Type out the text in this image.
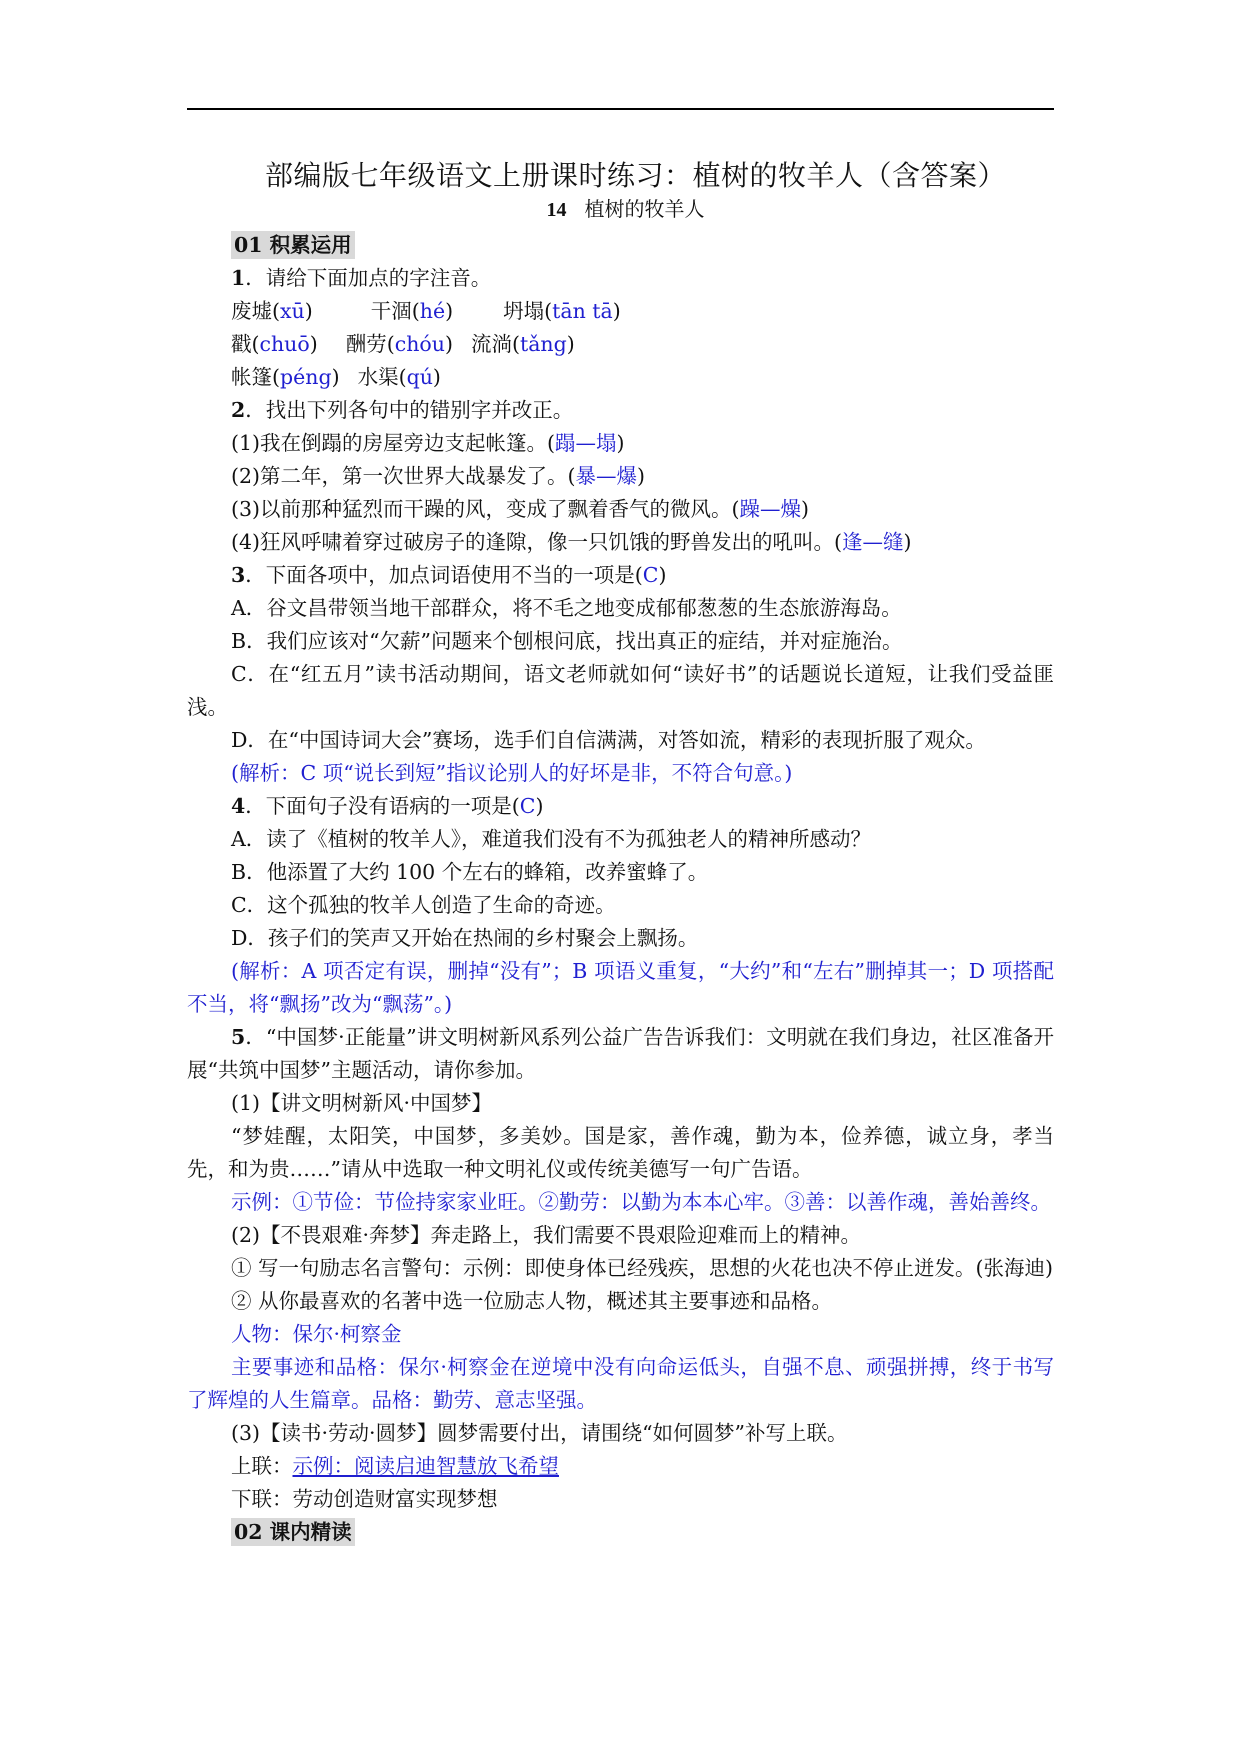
部编版七年级语文上册课时练习：植树的牧羊人（含答案）
14 植树的牧羊人
01 积累运用
1．请给下面加点的字注音。
废墟(xū)	干涸(hé) 坍塌(tān tā)
戳(chuō) 酬劳(chóu) 流淌(tǎng)
帐篷(péng) 水渠(qú)
2．找出下列各句中的错别字并改正。
(1)我在倒蹋的房屋旁边支起帐篷。(蹋—塌)
(2)第二年，第一次世界大战暴发了。(暴—爆)
(3)以前那种猛烈而干躁的风，变成了飘着香气的微风。(躁—燥)
(4)狂风呼啸着穿过破房子的逢隙，像一只饥饿的野兽发出的吼叫。(逢—缝)
3．下面各项中，加点词语使用不当的一项是(C)
A．谷文昌带领当地干部群众，将不毛之地变成郁郁葱葱的生态旅游海岛。
B．我们应该对“欠薪”问题来个刨根问底，找出真正的症结，并对症施治。
C．在“红五月”读书活动期间，语文老师就如何“读好书”的话题说长道短，让我们受益匪浅。
D．在“中国诗词大会”赛场，选手们自信满满，对答如流，精彩的表现折服了观众。
(解析：C 项“说长到短”指议论别人的好坏是非，不符合句意。)
4．下面句子没有语病的一项是(C)
A．读了《植树的牧羊人》，难道我们没有不为孤独老人的精神所感动？
B．他添置了大约 100 个左右的蜂箱，改养蜜蜂了。
C．这个孤独的牧羊人创造了生命的奇迹。
D．孩子们的笑声又开始在热闹的乡村聚会上飘扬。
(解析：A 项否定有误，删掉“没有”；B 项语义重复，“大约”和“左右”删掉其一；D 项搭配不当，将“飘扬”改为“飘荡”。)
5．“中国梦·正能量”讲文明树新风系列公益广告告诉我们：文明就在我们身边，社区准备开展“共筑中国梦”主题活动，请你参加。
(1)【讲文明树新风·中国梦】
“梦娃醒，太阳笑，中国梦，多美妙。国是家，善作魂，勤为本，俭养德，诚立身，孝当先，和为贵……”请从中选取一种文明礼仪或传统美德写一句广告语。
示例：①节俭：节俭持家家业旺。②勤劳：以勤为本本心牢。③善：以善作魂，善始善终。
(2)【不畏艰难·奔梦】奔走路上，我们需要不畏艰险迎难而上的精神。
① 写一句励志名言警句：示例：即使身体已经残疾，思想的火花也决不停止迸发。(张海迪)
② 从你最喜欢的名著中选一位励志人物，概述其主要事迹和品格。
人物：保尔·柯察金
主要事迹和品格：保尔·柯察金在逆境中没有向命运低头，自强不息、顽强拼搏，终于书写了辉煌的人生篇章。品格：勤劳、意志坚强。
(3)【读书·劳动·圆梦】圆梦需要付出，请围绕“如何圆梦”补写上联。
上联：示例：阅读启迪智慧放飞希望
下联：劳动创造财富实现梦想
02 课内精读
